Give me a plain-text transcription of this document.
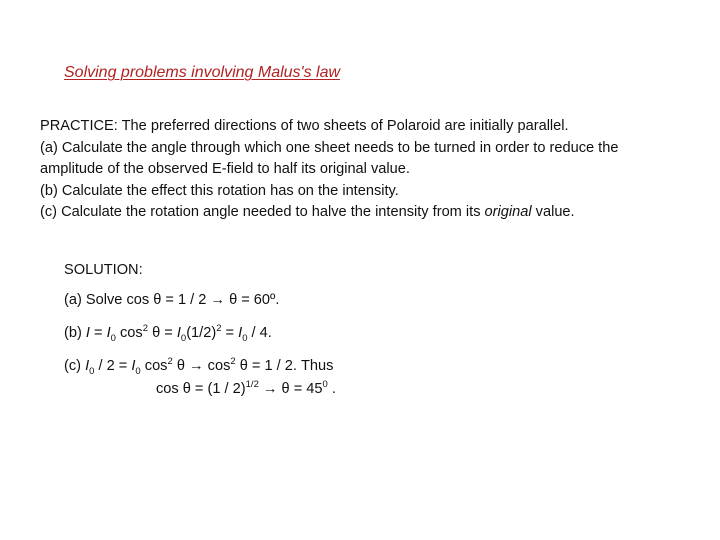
Solving problems involving Malus's law
PRACTICE: The preferred directions of two sheets of Polaroid are initially parallel.
(a) Calculate the angle through which one sheet needs to be turned in order to reduce the
amplitude of the observed E-field to half its original value.
(b) Calculate the effect this rotation has on the intensity.
(c) Calculate the rotation angle needed to halve the intensity from its original value.
SOLUTION:
(a) Solve cos θ = 1 / 2 → θ = 60º.
(b) $I = I_0$ $\cos^2 \theta = I_0(1/2)^2 = I_0 / 4$.
(c) $I_0 / 2 = I_0$ $\cos^2 \theta \to \cos^2 \theta = 1 / 2$. Thus
$\cos \theta = (1 / 2)^{1/2} \to \theta = 45^0$ .
